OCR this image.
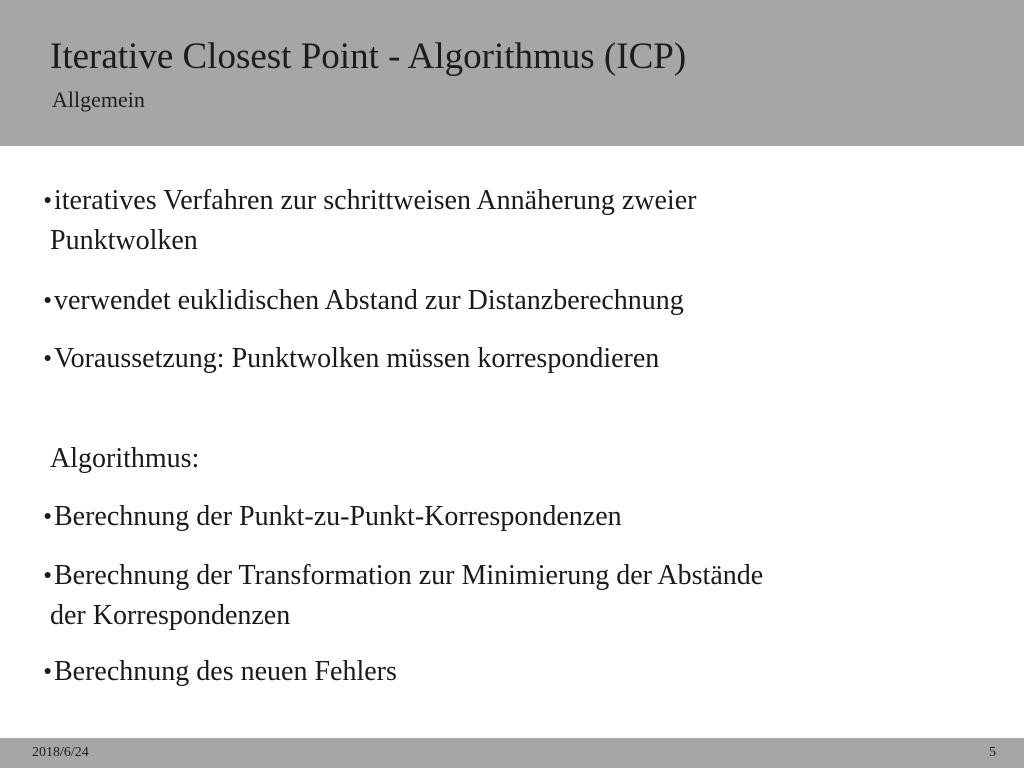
Iterative Closest Point - Algorithmus (ICP)
Allgemein
●iteratives Verfahren zur schrittweisen Annäherung zweier
Punktwolken
●verwendet euklidischen Abstand zur Distanzberechnung
●Voraussetzung: Punktwolken müssen korrespondieren
Algorithmus:
●Berechnung der Punkt-zu-Punkt-Korrespondenzen
●Berechnung der Transformation zur Minimierung der Abstände
der Korrespondenzen
●Berechnung des neuen Fehlers
2018/6/24	5
